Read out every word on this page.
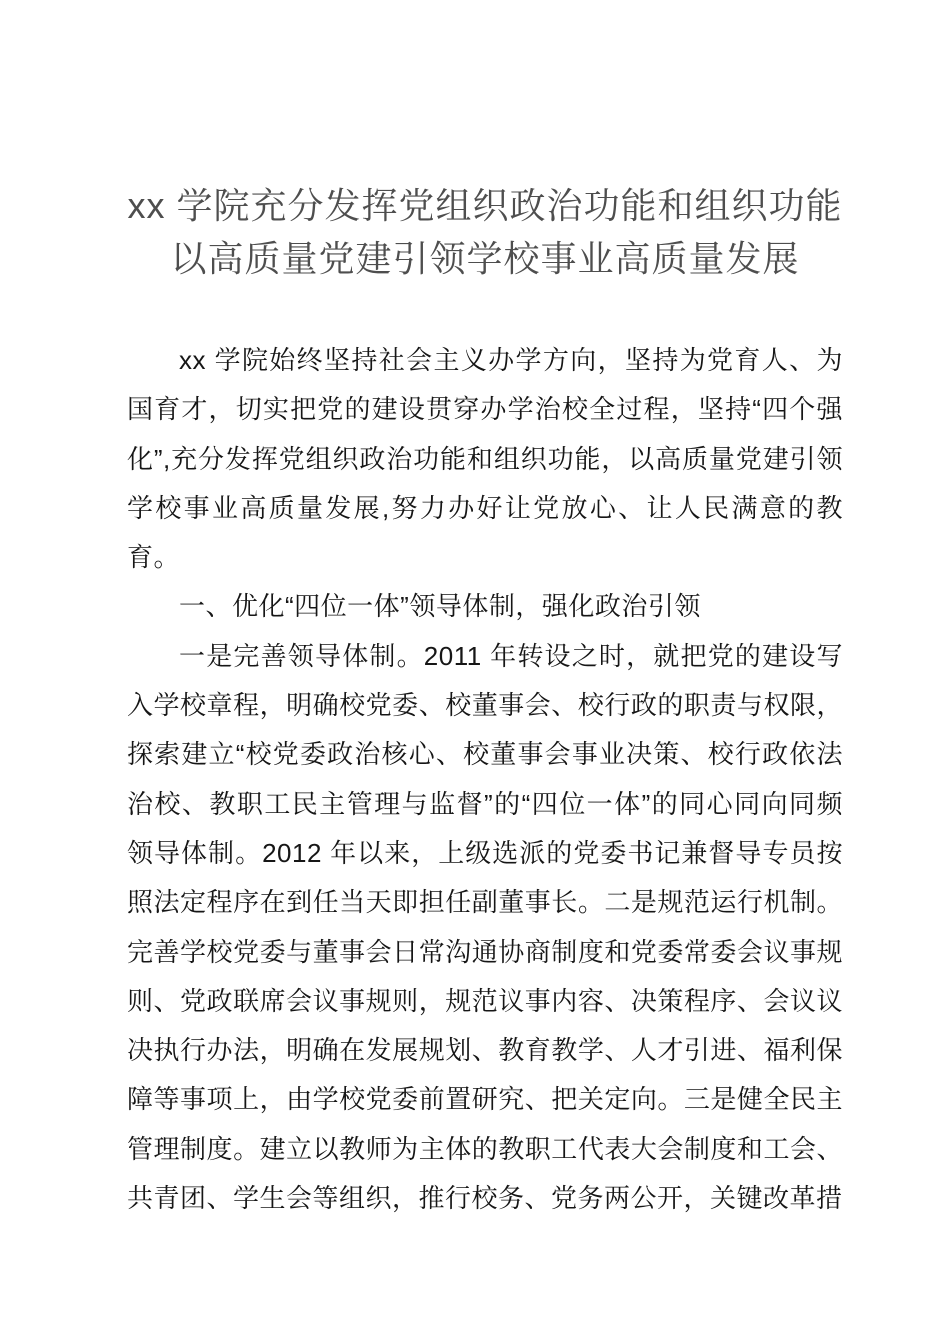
xx 学院充分发挥党组织政治功能和组织功能
以高质量党建引领学校事业高质量发展

xx 学院始终坚持社会主义办学方向，坚持为党育人、为国育才，切实把党的建设贯穿办学治校全过程，坚持“四个强化”,充分发挥党组织政治功能和组织功能，以高质量党建引领学校事业高质量发展,努力办好让党放心、让人民满意的教育。

一、优化“四位一体”领导体制，强化政治引领

一是完善领导体制。2011 年转设之时，就把党的建设写入学校章程，明确校党委、校董事会、校行政的职责与权限，探索建立“校党委政治核心、校董事会事业决策、校行政依法治校、教职工民主管理与监督”的“四位一体”的同心同向同频领导体制。2012 年以来，上级选派的党委书记兼督导专员按照法定程序在到任当天即担任副董事长。二是规范运行机制。完善学校党委与董事会日常沟通协商制度和党委常委会议事规则、党政联席会议事规则，规范议事内容、决策程序、会议议决执行办法，明确在发展规划、教育教学、人才引进、福利保障等事项上，由学校党委前置研究、把关定向。三是健全民主管理制度。建立以教师为主体的教职工代表大会制度和工会、共青团、学生会等组织，推行校务、党务两公开，关键改革措
